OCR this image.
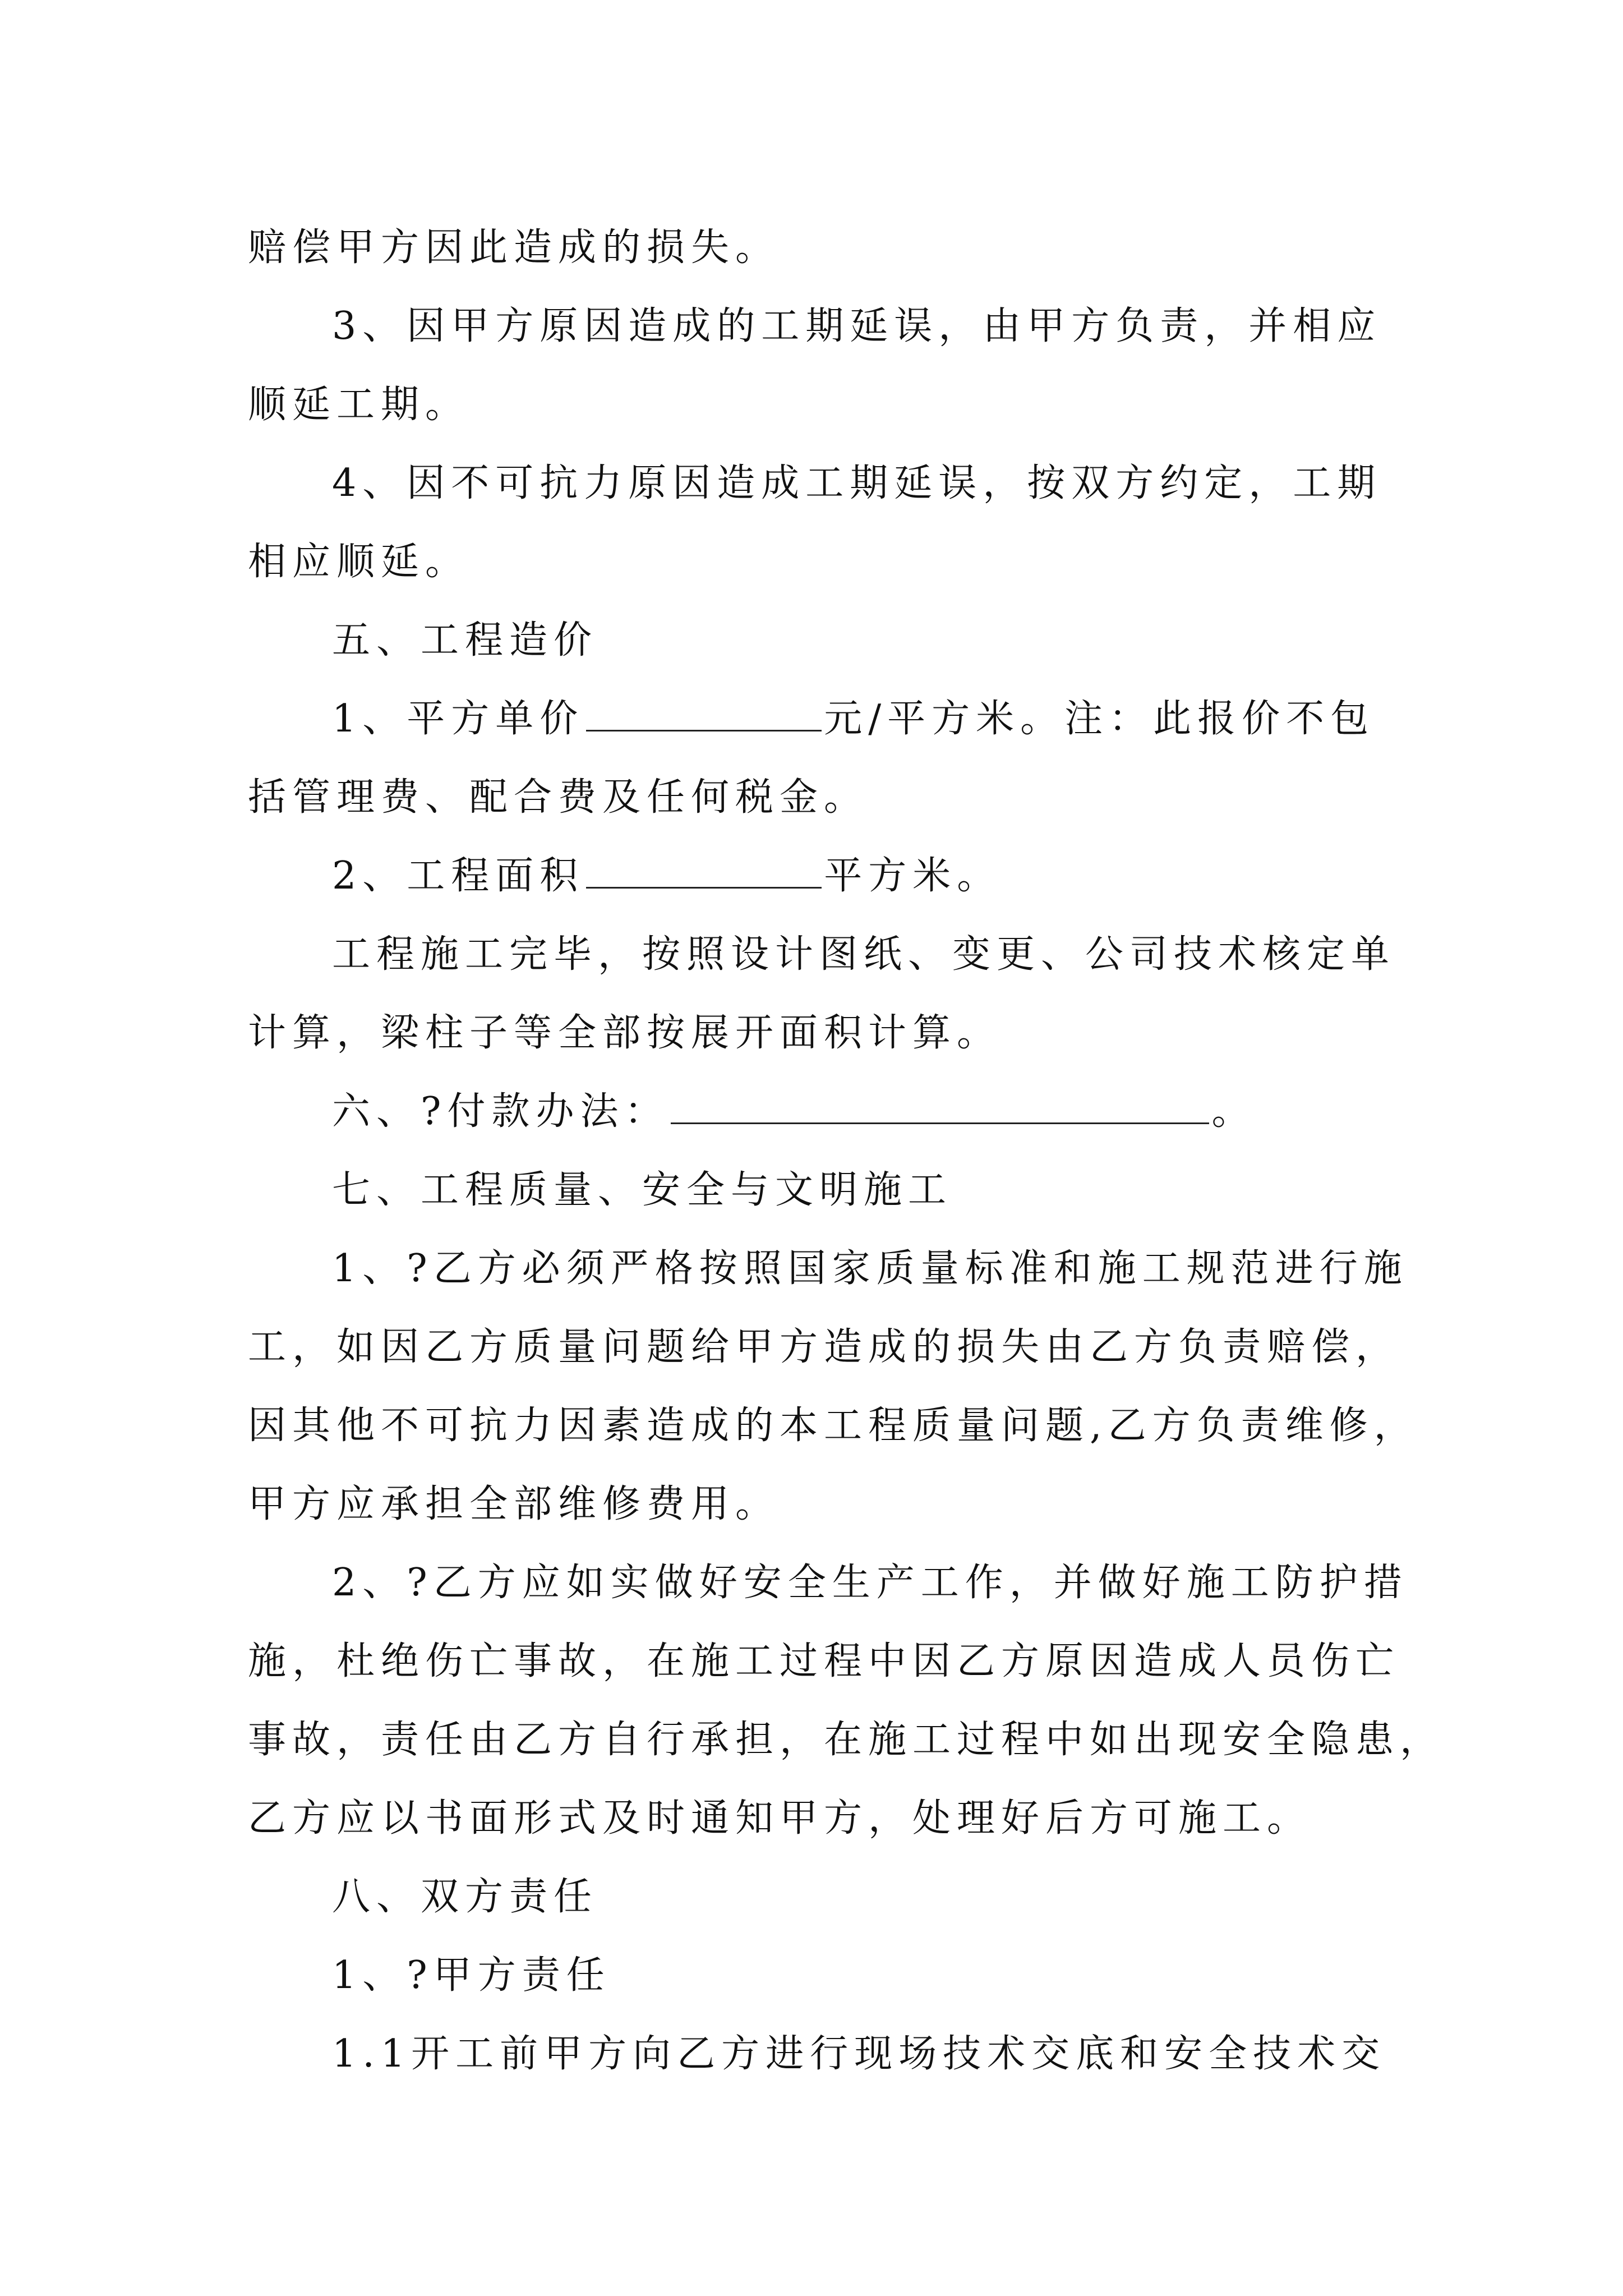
赔偿甲方因此造成的损失。
3、因甲方原因造成的工期延误，由甲方负责，并相应
顺延工期。
4、因不可抗力原因造成工期延误，按双方约定，工期
相应顺延。
五、工程造价
1、平方单价	元/平方米。注：此报价不包
括管理费、配合费及任何税金。
2、工程面积	平方米。
工程施工完毕，按照设计图纸、变更、公司技术核定单
计算，梁柱子等全部按展开面积计算。
六、?付款办法：	。
七、工程质量、安全与文明施工
1、?乙方必须严格按照国家质量标准和施工规范进行施
工，如因乙方质量问题给甲方造成的损失由乙方负责赔偿，
因其他不可抗力因素造成的本工程质量问题,乙方负责维修，
甲方应承担全部维修费用。
2、?乙方应如实做好安全生产工作，并做好施工防护措
施，杜绝伤亡事故，在施工过程中因乙方原因造成人员伤亡
事故，责任由乙方自行承担，在施工过程中如出现安全隐患，
乙方应以书面形式及时通知甲方，处理好后方可施工。
八、双方责任
1、?甲方责任
1.1开工前甲方向乙方进行现场技术交底和安全技术交
